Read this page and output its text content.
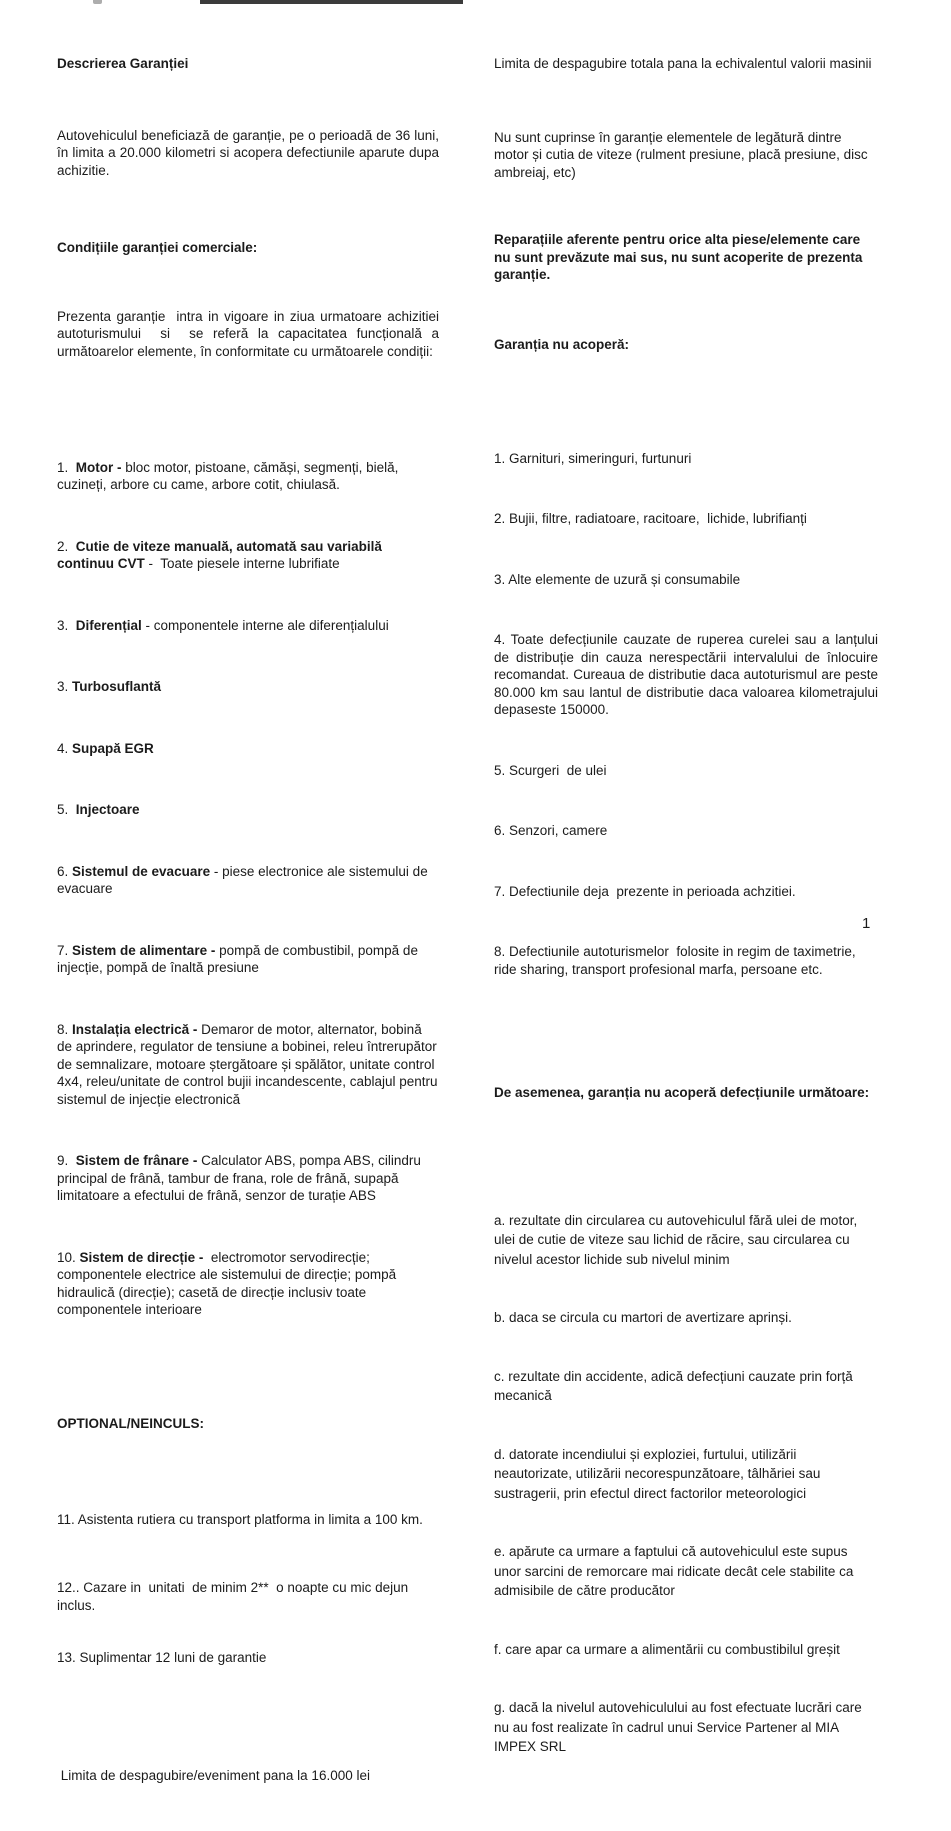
Descrierea Garanției

Autovehiculul beneficiază de garanție, pe o perioadă de 36 luni, în limita a 20.000 kilometri si acopera defectiunile aparute dupa achizitie.

Condițiile garanției comerciale:

Prezenta garanție  intra in vigoare in ziua urmatoare achizitiei autoturismului  si  se referă la capacitatea funcțională a următoarelor elemente, în conformitate cu următoarele condiții:

1.  Motor - bloc motor, pistoane, cămăși, segmenți, bielă, cuzineți, arbore cu came, arbore cotit, chiulasă.

2.  Cutie de viteze manuală, automată sau variabilă continuu CVT -  Toate piesele interne lubrifiate

3.  Diferențial - componentele interne ale diferențialului

3. Turbosuflantă

4. Supapă EGR

5.  Injectoare

6. Sistemul de evacuare - piese electronice ale sistemului de evacuare

7. Sistem de alimentare - pompă de combustibil, pompă de injecție, pompă de înaltă presiune

8. Instalația electrică - Demaror de motor, alternator, bobină de aprindere, regulator de tensiune a bobinei, releu întrerupător de semnalizare, motoare ștergătoare și spălător, unitate control 4x4, releu/unitate de control bujii incandescente, cablajul pentru sistemul de injecție electronică

9.  Sistem de frânare - Calculator ABS, pompa ABS, cilindru principal de frână, tambur de frana, role de frână, supapă limitatoare a efectului de frână, senzor de turație ABS

10. Sistem de direcție -  electromotor servodirecție; componentele electrice ale sistemului de direcție; pompă hidraulică (direcție); casetă de direcție inclusiv toate componentele interioare

OPTIONAL/NEINCULS:

11. Asistenta rutiera cu transport platforma in limita a 100 km.

12.. Cazare in  unitati  de minim 2**  o noapte cu mic dejun inclus.

13. Suplimentar 12 luni de garantie

Limita de despagubire/eveniment pana la 16.000 lei

Limita de despagubire totala pana la echivalentul valorii masinii

Nu sunt cuprinse în garanție elementele de legătură dintre motor și cutia de viteze (rulment presiune, placă presiune, disc ambreiaj, etc)

Reparațiile aferente pentru orice alta piese/elemente care nu sunt prevăzute mai sus, nu sunt acoperite de prezenta garanție.

Garanția nu acoperă:

1. Garnituri, simeringuri, furtunuri

2. Bujii, filtre, radiatoare, racitoare,  lichide, lubrifianți

3. Alte elemente de uzură și consumabile

4. Toate defecțiunile cauzate de ruperea curelei sau a lanțului de distribuție din cauza nerespectării intervalului de înlocuire recomandat. Cureaua de distributie daca autoturismul are peste 80.000 km sau lantul de distributie daca valoarea kilometrajului depaseste 150000.

5. Scurgeri  de ulei

6. Senzori, camere

7. Defectiunile deja  prezente in perioada achzitiei.

8. Defectiunile autoturismelor  folosite in regim de taximetrie, ride sharing, transport profesional marfa, persoane etc.

De asemenea, garanția nu acoperă defecțiunile următoare:

a. rezultate din circularea cu autovehiculul fără ulei de motor, ulei de cutie de viteze sau lichid de răcire, sau circularea cu nivelul acestor lichide sub nivelul minim

b. daca se circula cu martori de avertizare aprinși.

c. rezultate din accidente, adică defecțiuni cauzate prin forță mecanică

d. datorate incendiului și exploziei, furtului, utilizării neautorizate, utilizării necorespunzătoare, tâlhăriei sau sustragerii, prin efectul direct factorilor meteorologici

e. apărute ca urmare a faptului că autovehiculul este supus unor sarcini de remorcare mai ridicate decât cele stabilite ca admisibile de către producător

f. care apar ca urmare a alimentării cu combustibilul greșit

g. dacă la nivelul autovehiculului au fost efectuate lucrări care  nu au fost realizate în cadrul unui Service Partener al MIA IMPEX SRL

1
